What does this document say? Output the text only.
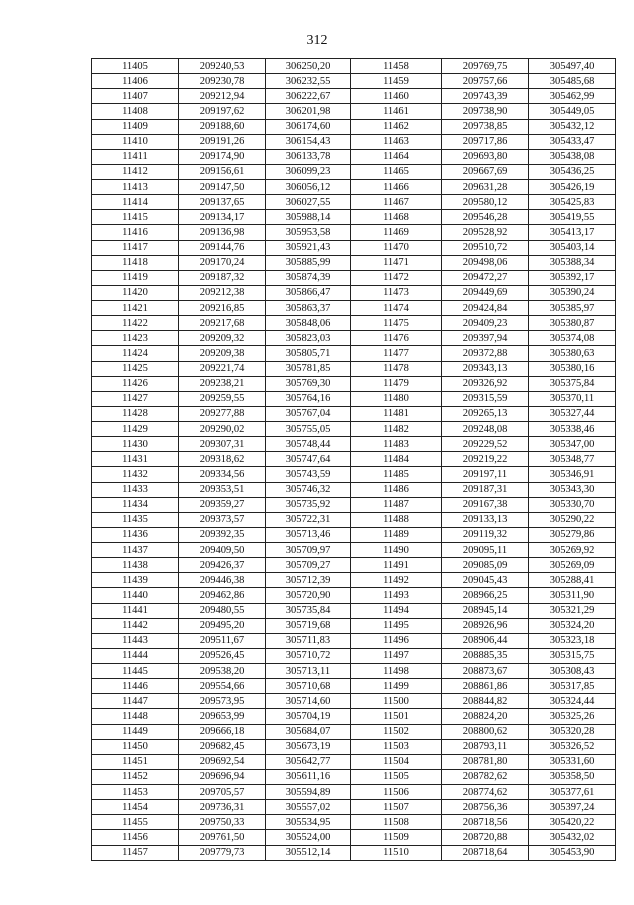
312
11405	209240,53	306250,20	11458	209769,75	305497,40
11406	209230,78	306232,55	11459	209757,66	305485,68
11407	209212,94	306222,67	11460	209743,39	305462,99
11408	209197,62	306201,98	11461	209738,90	305449,05
11409	209188,60	306174,60	11462	209738,85	305432,12
11410	209191,26	306154,43	11463	209717,86	305433,47
11411	209174,90	306133,78	11464	209693,80	305438,08
11412	209156,61	306099,23	11465	209667,69	305436,25
11413	209147,50	306056,12	11466	209631,28	305426,19
11414	209137,65	306027,55	11467	209580,12	305425,83
11415	209134,17	305988,14	11468	209546,28	305419,55
11416	209136,98	305953,58	11469	209528,92	305413,17
11417	209144,76	305921,43	11470	209510,72	305403,14
11418	209170,24	305885,99	11471	209498,06	305388,34
11419	209187,32	305874,39	11472	209472,27	305392,17
11420	209212,38	305866,47	11473	209449,69	305390,24
11421	209216,85	305863,37	11474	209424,84	305385,97
11422	209217,68	305848,06	11475	209409,23	305380,87
11423	209209,32	305823,03	11476	209397,94	305374,08
11424	209209,38	305805,71	11477	209372,88	305380,63
11425	209221,74	305781,85	11478	209343,13	305380,16
11426	209238,21	305769,30	11479	209326,92	305375,84
11427	209259,55	305764,16	11480	209315,59	305370,11
11428	209277,88	305767,04	11481	209265,13	305327,44
11429	209290,02	305755,05	11482	209248,08	305338,46
11430	209307,31	305748,44	11483	209229,52	305347,00
11431	209318,62	305747,64	11484	209219,22	305348,77
11432	209334,56	305743,59	11485	209197,11	305346,91
11433	209353,51	305746,32	11486	209187,31	305343,30
11434	209359,27	305735,92	11487	209167,38	305330,70
11435	209373,57	305722,31	11488	209133,13	305290,22
11436	209392,35	305713,46	11489	209119,32	305279,86
11437	209409,50	305709,97	11490	209095,11	305269,92
11438	209426,37	305709,27	11491	209085,09	305269,09
11439	209446,38	305712,39	11492	209045,43	305288,41
11440	209462,86	305720,90	11493	208966,25	305311,90
11441	209480,55	305735,84	11494	208945,14	305321,29
11442	209495,20	305719,68	11495	208926,96	305324,20
11443	209511,67	305711,83	11496	208906,44	305323,18
11444	209526,45	305710,72	11497	208885,35	305315,75
11445	209538,20	305713,11	11498	208873,67	305308,43
11446	209554,66	305710,68	11499	208861,86	305317,85
11447	209573,95	305714,60	11500	208844,82	305324,44
11448	209653,99	305704,19	11501	208824,20	305325,26
11449	209666,18	305684,07	11502	208800,62	305320,28
11450	209682,45	305673,19	11503	208793,11	305326,52
11451	209692,54	305642,77	11504	208781,80	305331,60
11452	209696,94	305611,16	11505	208782,62	305358,50
11453	209705,57	305594,89	11506	208774,62	305377,61
11454	209736,31	305557,02	11507	208756,36	305397,24
11455	209750,33	305534,95	11508	208718,56	305420,22
11456	209761,50	305524,00	11509	208720,88	305432,02
11457	209779,73	305512,14	11510	208718,64	305453,90
